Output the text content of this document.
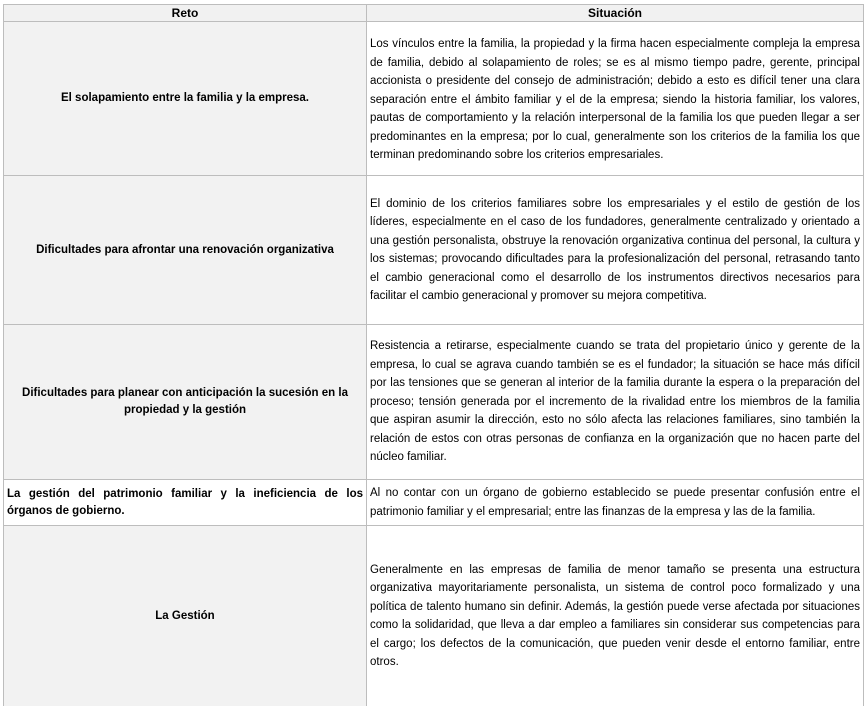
Reto	Situación
El solapamiento entre la familia y la empresa.	Los vínculos entre la familia, la propiedad y la firma hacen especialmente compleja la empresa de familia, debido al solapamiento de roles; se es al mismo tiempo padre, gerente, principal accionista o presidente del consejo de administración; debido a esto es difícil tener una clara separación entre el ámbito familiar y el de la empresa; siendo la historia familiar, los valores, pautas de comportamiento y la relación interpersonal de la familia los que pueden llegar a ser predominantes en la empresa; por lo cual, generalmente son los criterios de la familia los que terminan predominando sobre los criterios empresariales.
Dificultades para afrontar una renovación organizativa	El dominio de los criterios familiares sobre los empresariales y el estilo de gestión de los líderes, especialmente en el caso de los fundadores, generalmente centralizado y orientado a una gestión personalista, obstruye la renovación organizativa continua del personal, la cultura y los sistemas; provocando dificultades para la profesionalización del personal, retrasando tanto el cambio generacional como el desarrollo de los instrumentos directivos necesarios para facilitar el cambio generacional y promover su mejora competitiva.
Dificultades para planear con anticipación la sucesión en la propiedad y la gestión	Resistencia a retirarse, especialmente cuando se trata del propietario único y gerente de la empresa, lo cual se agrava cuando también se es el fundador; la situación se hace más difícil por las tensiones que se generan al interior de la familia durante la espera o la preparación del proceso; tensión generada por el incremento de la rivalidad entre los miembros de la familia que aspiran asumir la dirección, esto no sólo afecta las relaciones familiares, sino también la relación de estos con otras personas de confianza en la organización que no hacen parte del núcleo familiar.
La gestión del patrimonio familiar y la ineficiencia de los órganos de gobierno.	Al no contar con un órgano de gobierno establecido se puede presentar confusión entre el patrimonio familiar y el empresarial; entre las finanzas de la empresa y las de la familia.
La Gestión	Generalmente en las empresas de familia de menor tamaño se presenta una estructura organizativa mayoritariamente personalista, un sistema de control poco formalizado y una política de talento humano sin definir. Además, la gestión puede verse afectada por situaciones como la solidaridad, que lleva a dar empleo a familiares sin considerar sus competencias para el cargo; los defectos de la comunicación, que pueden venir desde el entorno familiar, entre otros.
